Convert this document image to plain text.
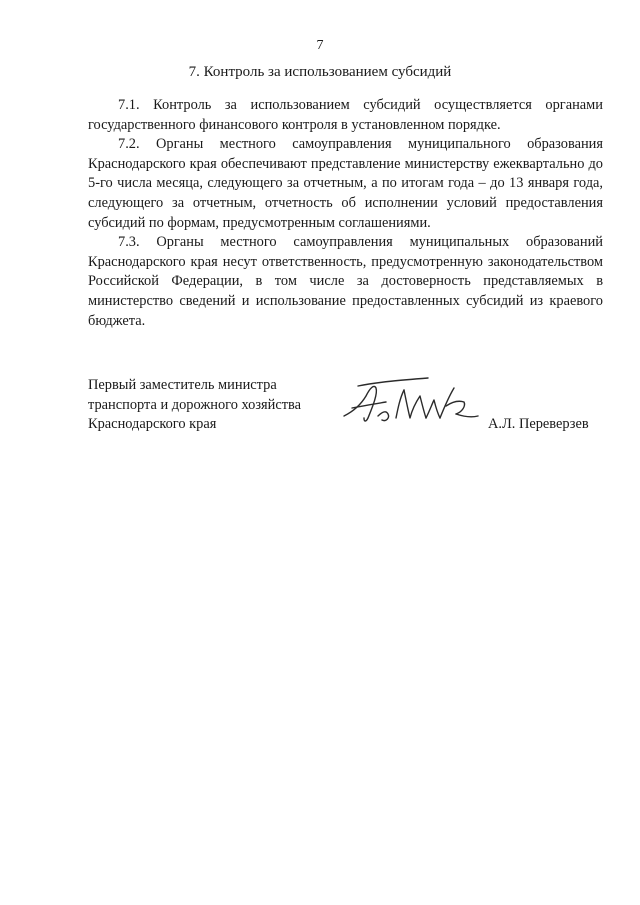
7
7. Контроль за использованием субсидий

7.1. Контроль за использованием субсидий осуществляется органами государственного финансового контроля в установленном порядке.

7.2. Органы местного самоуправления муниципального образования Краснодарского края обеспечивают представление министерству ежеквартально до 5-го числа месяца, следующего за отчетным, а по итогам года – до 13 января года, следующего за отчетным, отчетность об исполнении условий предоставления субсидий по формам, предусмотренным соглашениями.

7.3. Органы местного самоуправления муниципальных образований Краснодарского края несут ответственность, предусмотренную законодательством Российской Федерации, в том числе за достоверность представляемых в министерство сведений и использование предоставленных субсидий из краевого бюджета.

Первый заместитель министра
транспорта и дорожного хозяйства
Краснодарского края	А.Л. Переверзев
